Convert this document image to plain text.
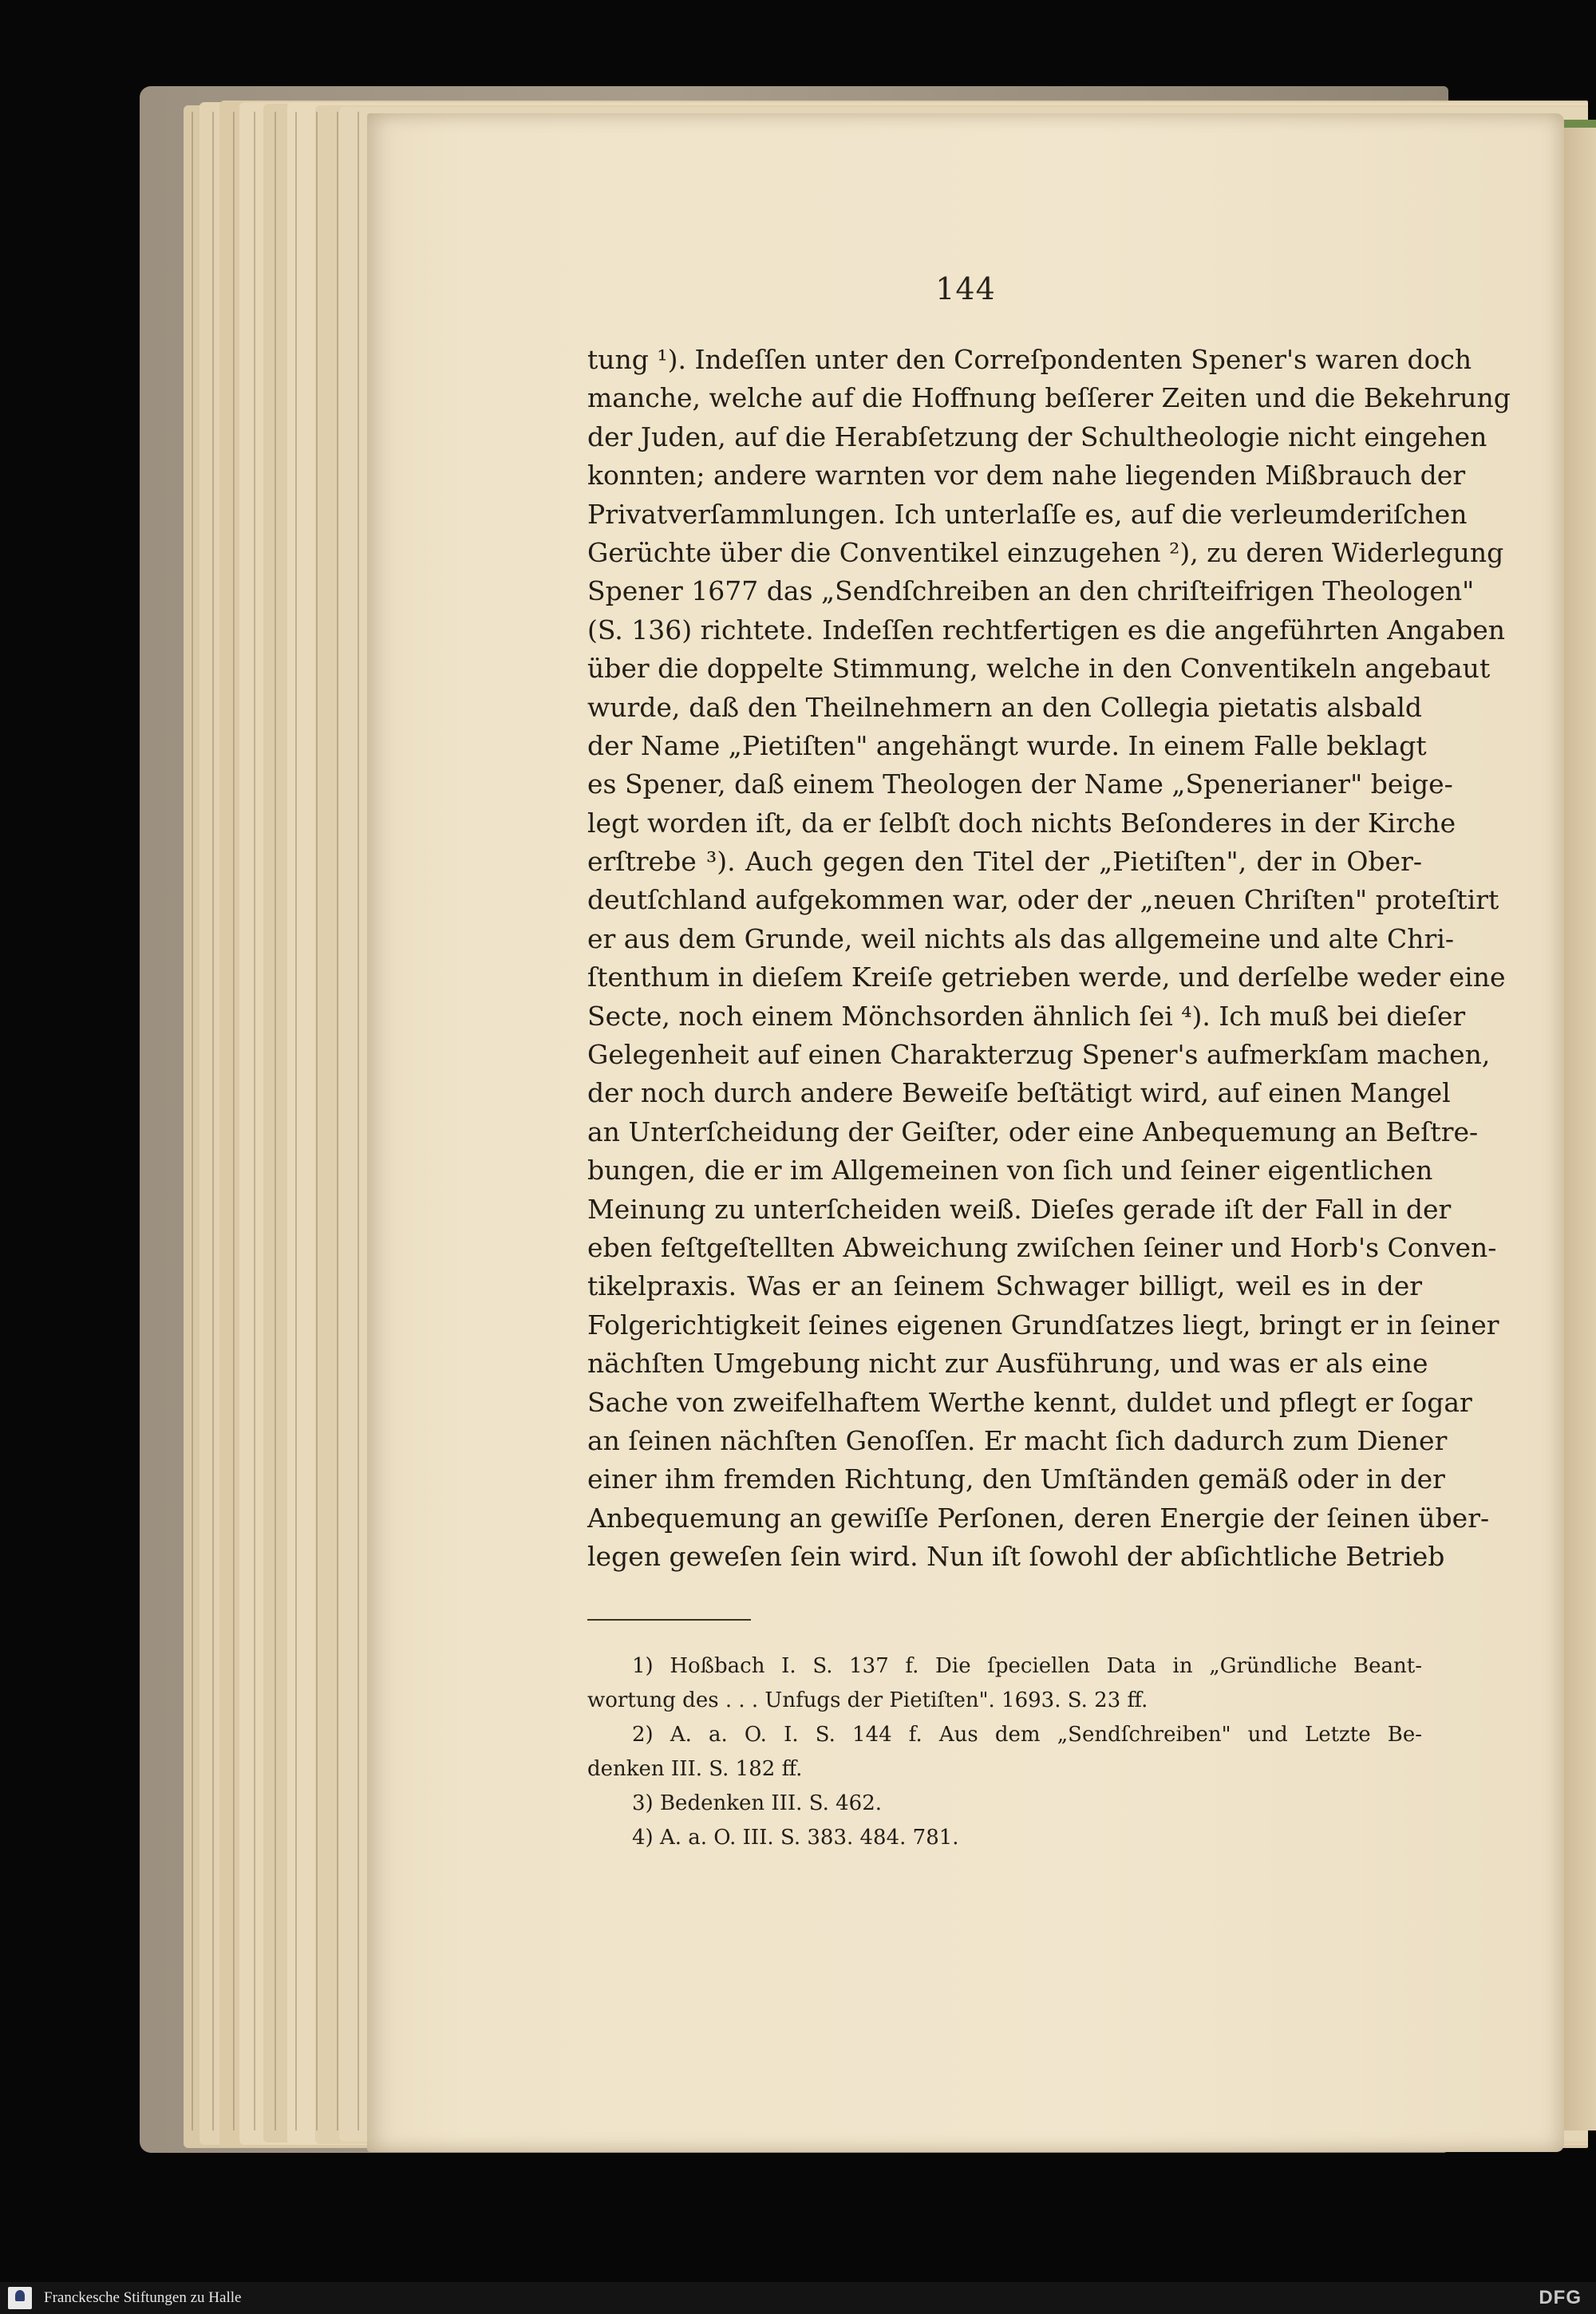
144
tung ¹). Indeſſen unter den Correſpondenten Spener's waren doch
manche, welche auf die Hoffnung beſſerer Zeiten und die Bekehrung
der Juden, auf die Herabſetzung der Schultheologie nicht eingehen
konnten; andere warnten vor dem nahe liegenden Mißbrauch der
Privatverſammlungen. Ich unterlaſſe es, auf die verleumderiſchen
Gerüchte über die Conventikel einzugehen ²), zu deren Widerlegung
Spener 1677 das „Sendſchreiben an den chriſteifrigen Theologen"
(S. 136) richtete. Indeſſen rechtfertigen es die angeführten Angaben
über die doppelte Stimmung, welche in den Conventikeln angebaut
wurde, daß den Theilnehmern an den Collegia pietatis alsbald
der Name „Pietiſten" angehängt wurde. In einem Falle beklagt
es Spener, daß einem Theologen der Name „Spenerianer" beige-
legt worden iſt, da er ſelbſt doch nichts Beſonderes in der Kirche
erſtrebe ³). Auch gegen den Titel der „Pietiſten", der in Ober-
deutſchland aufgekommen war, oder der „neuen Chriſten" proteſtirt
er aus dem Grunde, weil nichts als das allgemeine und alte Chri-
ſtenthum in dieſem Kreiſe getrieben werde, und derſelbe weder eine
Secte, noch einem Mönchsorden ähnlich ſei ⁴). Ich muß bei dieſer
Gelegenheit auf einen Charakterzug Spener's aufmerkſam machen,
der noch durch andere Beweiſe beſtätigt wird, auf einen Mangel
an Unterſcheidung der Geiſter, oder eine Anbequemung an Beſtre-
bungen, die er im Allgemeinen von ſich und ſeiner eigentlichen
Meinung zu unterſcheiden weiß. Dieſes gerade iſt der Fall in der
eben feſtgeſtellten Abweichung zwiſchen ſeiner und Horb's Conven-
tikelpraxis. Was er an ſeinem Schwager billigt, weil es in der
Folgerichtigkeit ſeines eigenen Grundſatzes liegt, bringt er in ſeiner
nächſten Umgebung nicht zur Ausführung, und was er als eine
Sache von zweifelhaftem Werthe kennt, duldet und pflegt er ſogar
an ſeinen nächſten Genoſſen. Er macht ſich dadurch zum Diener
einer ihm fremden Richtung, den Umſtänden gemäß oder in der
Anbequemung an gewiſſe Perſonen, deren Energie der ſeinen über-
legen geweſen ſein wird. Nun iſt ſowohl der abſichtliche Betrieb
1) Hoßbach I. S. 137 f. Die ſpeciellen Data in „Gründliche Beant-
wortung des . . . Unfugs der Pietiſten". 1693. S. 23 ff.
2) A. a. O. I. S. 144 f. Aus dem „Sendſchreiben" und Letzte Be-
denken III. S. 182 ff.
3) Bedenken III. S. 462.
4) A. a. O. III. S. 383. 484. 781.
Franckesche Stiftungen zu Halle	DFG
